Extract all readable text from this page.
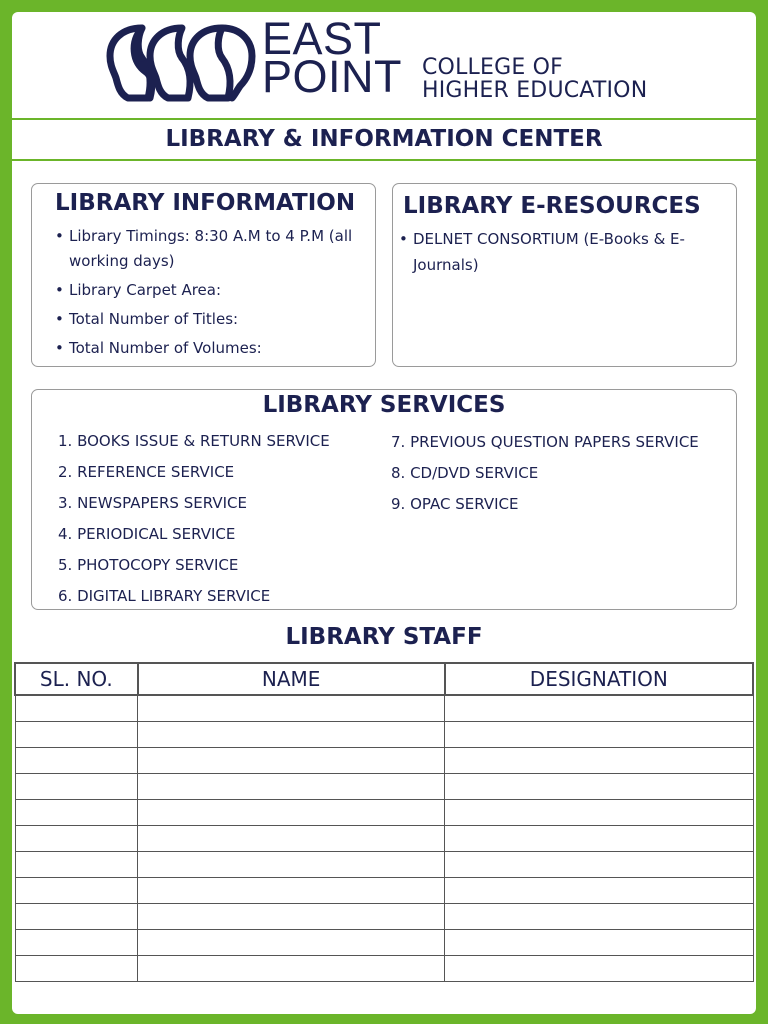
EAST
POINT COLLEGE OF
HIGHER EDUCATION
LIBRARY & INFORMATION CENTER
LIBRARY INFORMATION
• Library Timings: 8:30 A.M to 4 P.M (all working days)
• Library Carpet Area:
• Total Number of Titles:
• Total Number of Volumes:
LIBRARY E-RESOURCES
• DELNET CONSORTIUM (E-Books & E-Journals)
LIBRARY SERVICES
1. BOOKS ISSUE & RETURN SERVICE
2. REFERENCE SERVICE
3. NEWSPAPERS SERVICE
4. PERIODICAL SERVICE
5. PHOTOCOPY SERVICE
6. DIGITAL LIBRARY SERVICE
7. PREVIOUS QUESTION PAPERS SERVICE
8. CD/DVD SERVICE
9. OPAC SERVICE
LIBRARY STAFF
SL. NO.	NAME	DESIGNATION
